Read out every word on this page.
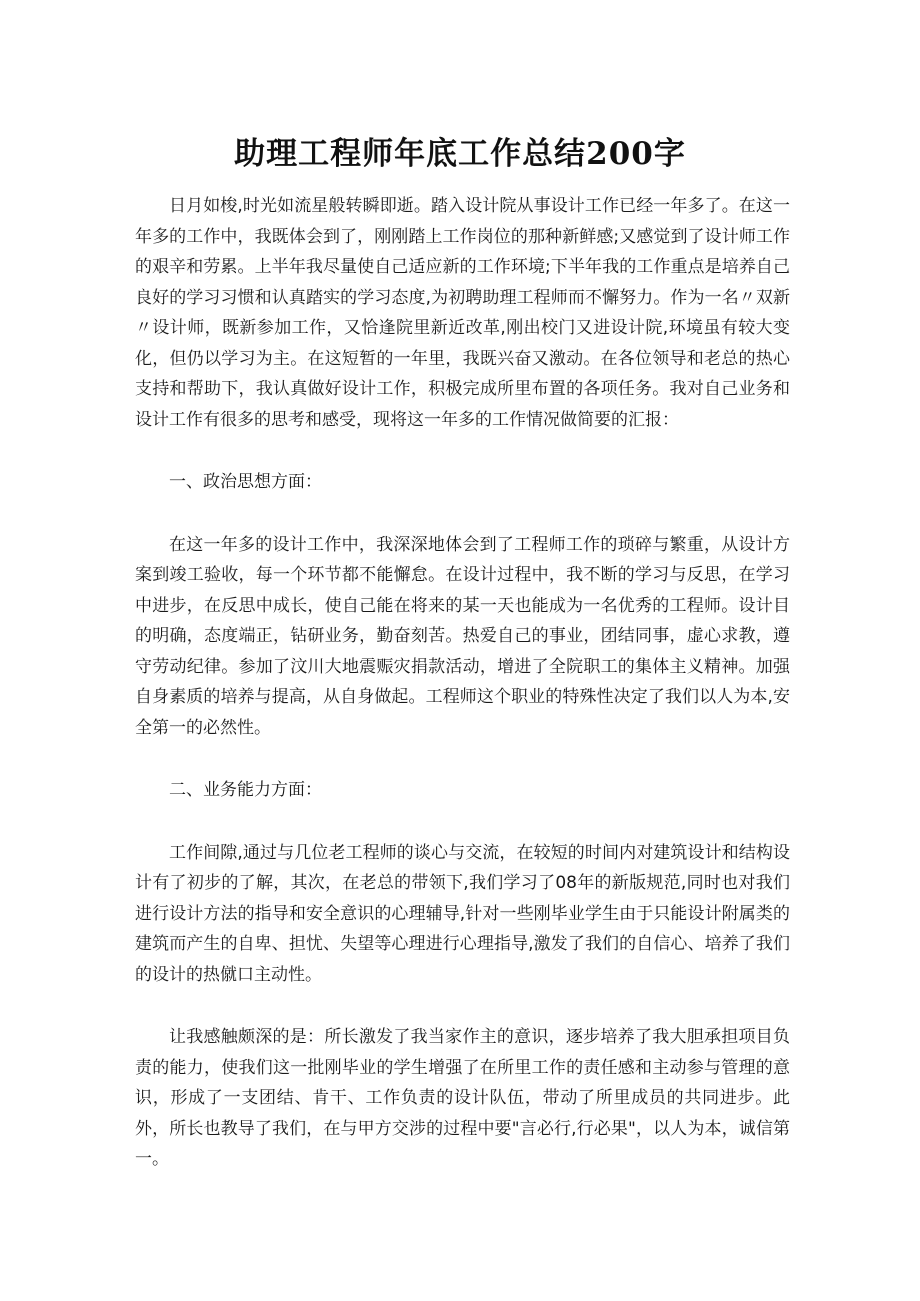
助理工程师年底工作总结200字

日月如梭,时光如流星般转瞬即逝。踏入设计院从事设计工作已经一年多了。在这一年多的工作中，我既体会到了，刚刚踏上工作岗位的那种新鲜感;又感觉到了设计师工作的艰辛和劳累。上半年我尽量使自己适应新的工作环境;下半年我的工作重点是培养自己良好的学习习惯和认真踏实的学习态度,为初聘助理工程师而不懈努力。作为一名〃双新〃设计师，既新参加工作，又恰逢院里新近改革,刚出校门又进设计院,环境虽有较大变化，但仍以学习为主。在这短暂的一年里，我既兴奋又激动。在各位领导和老总的热心支持和帮助下，我认真做好设计工作，积极完成所里布置的各项任务。我对自己业务和设计工作有很多的思考和感受，现将这一年多的工作情况做简要的汇报：

一、政治思想方面：

在这一年多的设计工作中，我深深地体会到了工程师工作的琐碎与繁重，从设计方案到竣工验收，每一个环节都不能懈怠。在设计过程中，我不断的学习与反思，在学习中进步，在反思中成长，使自己能在将来的某一天也能成为一名优秀的工程师。设计目的明确，态度端正，钻研业务，勤奋刻苦。热爱自己的事业，团结同事，虚心求教，遵守劳动纪律。参加了汶川大地震赈灾捐款活动，增进了全院职工的集体主义精神。加强自身素质的培养与提高，从自身做起。工程师这个职业的特殊性决定了我们以人为本,安全第一的必然性。

二、业务能力方面：

工作间隙,通过与几位老工程师的谈心与交流，在较短的时间内对建筑设计和结构设计有了初步的了解，其次，在老总的带领下,我们学习了08年的新版规范,同时也对我们进行设计方法的指导和安全意识的心理辅导,针对一些刚毕业学生由于只能设计附属类的建筑而产生的自卑、担忧、失望等心理进行心理指导,激发了我们的自信心、培养了我们的设计的热僦口主动性。

让我感触颇深的是：所长激发了我当家作主的意识，逐步培养了我大胆承担项目负责的能力，使我们这一批刚毕业的学生增强了在所里工作的责任感和主动参与管理的意识，形成了一支团结、肯干、工作负责的设计队伍，带动了所里成员的共同进步。此外，所长也教导了我们，在与甲方交涉的过程中要"言必行,行必果"，以人为本，诚信第一。
